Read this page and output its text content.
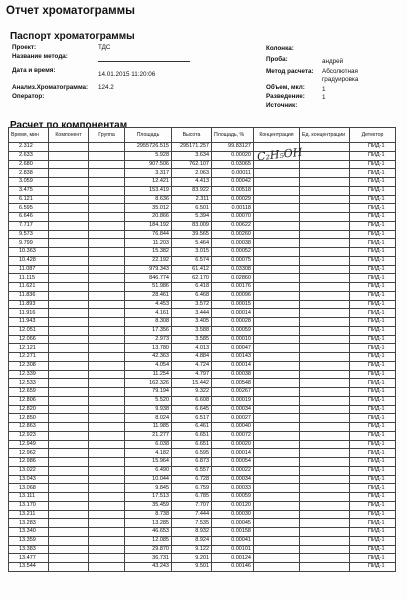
Отчет хроматограммы
Паспорт хроматограммы
Проект:	ТДС
Название метода:
Дата и время:
14.01.2015 11:20:06
Анализ.Хроматограмма: 124.2
Оператор:
Колонка:
Проба:	андрей
Метод расчета:	Абсолютная градуировка
Объем, мкл:	1
Разведение:	1
Источник:
Расчет по компонентам
Время, мин	Компонент	Группа	Площадь	Высота	Площадь, %	Концентрация	Ед. концентрации	Детектор
2.312			2955726.515	295171.257	99.83127			ПИД-1
2.633			5.928	3.634	0.00020			ПИД-1
2.680			907.506	762.107	0.03065			ПИД-1
2.838			3.317	2.063	0.00011			ПИД-1
3.059			12.421	4.413	0.00042			ПИД-1
3.475			153.419	83.922	0.00518			ПИД-1
6.121			8.636	2.311	0.00029			ПИД-1
6.595			35.012	6.501	0.00118			ПИД-1
6.646			20.866	5.394	0.00070			ПИД-1
7.717			184.192	83.009	0.00622			ПИД-1
9.573			76.844	39.565	0.00260			ПИД-1
9.799			11.203	5.464	0.00038			ПИД-1
10.363			15.382	3.015	0.00052			ПИД-1
10.428			22.192	6.574	0.00075			ПИД-1
11.087			979.343	61.412	0.03308			ПИД-1
11.115			846.774	62.170	0.02860			ПИД-1
11.621			51.986	6.418	0.00176			ПИД-1
11.836			28.461	6.468	0.00096			ПИД-1
11.893			4.453	3.572	0.00015			ПИД-1
11.916			4.161	3.444	0.00014			ПИД-1
11.943			8.308	3.405	0.00028			ПИД-1
12.051			17.356	3.588	0.00059			ПИД-1
12.066			2.973	3.585	0.00010			ПИД-1
12.121			13.780	4.013	0.00047			ПИД-1
12.271			42.363	4.884	0.00143			ПИД-1
12.308			4.054	4.724	0.00014			ПИД-1
12.339			11.254	4.797	0.00038			ПИД-1
12.533			162.326	15.442	0.00548			ПИД-1
12.659			79.194	9.322	0.00267			ПИД-1
12.806			5.520	6.608	0.00019			ПИД-1
12.820			9.938	6.645	0.00034			ПИД-1
12.850			8.024	6.517	0.00027			ПИД-1
12.863			11.985	6.461	0.00040			ПИД-1
12.923			21.277	6.651	0.00072			ПИД-1
12.949			6.038	6.651	0.00020			ПИД-1
12.962			4.182	6.595	0.00014			ПИД-1
12.986			15.964	6.873	0.00054			ПИД-1
13.022			6.490	6.557	0.00022			ПИД-1
13.043			10.044	6.728	0.00034			ПИД-1
13.068			9.845	6.759	0.00033			ПИД-1
13.111			17.513	6.785	0.00059			ПИД-1
13.170			35.459	7.707	0.00120			ПИД-1
13.211			8.738	7.444	0.00030			ПИД-1
13.283			13.285	7.535	0.00045			ПИД-1
13.340			46.653	8.932	0.00158			ПИД-1
13.359			12.085	8.924	0.00041			ПИД-1
13.383			29.870	9.122	0.00101			ПИД-1
13.477			36.731	9.201	0.00124			ПИД-1
13.544			43.243	9.501	0.00146			ПИД-1
C₂H₅OH
